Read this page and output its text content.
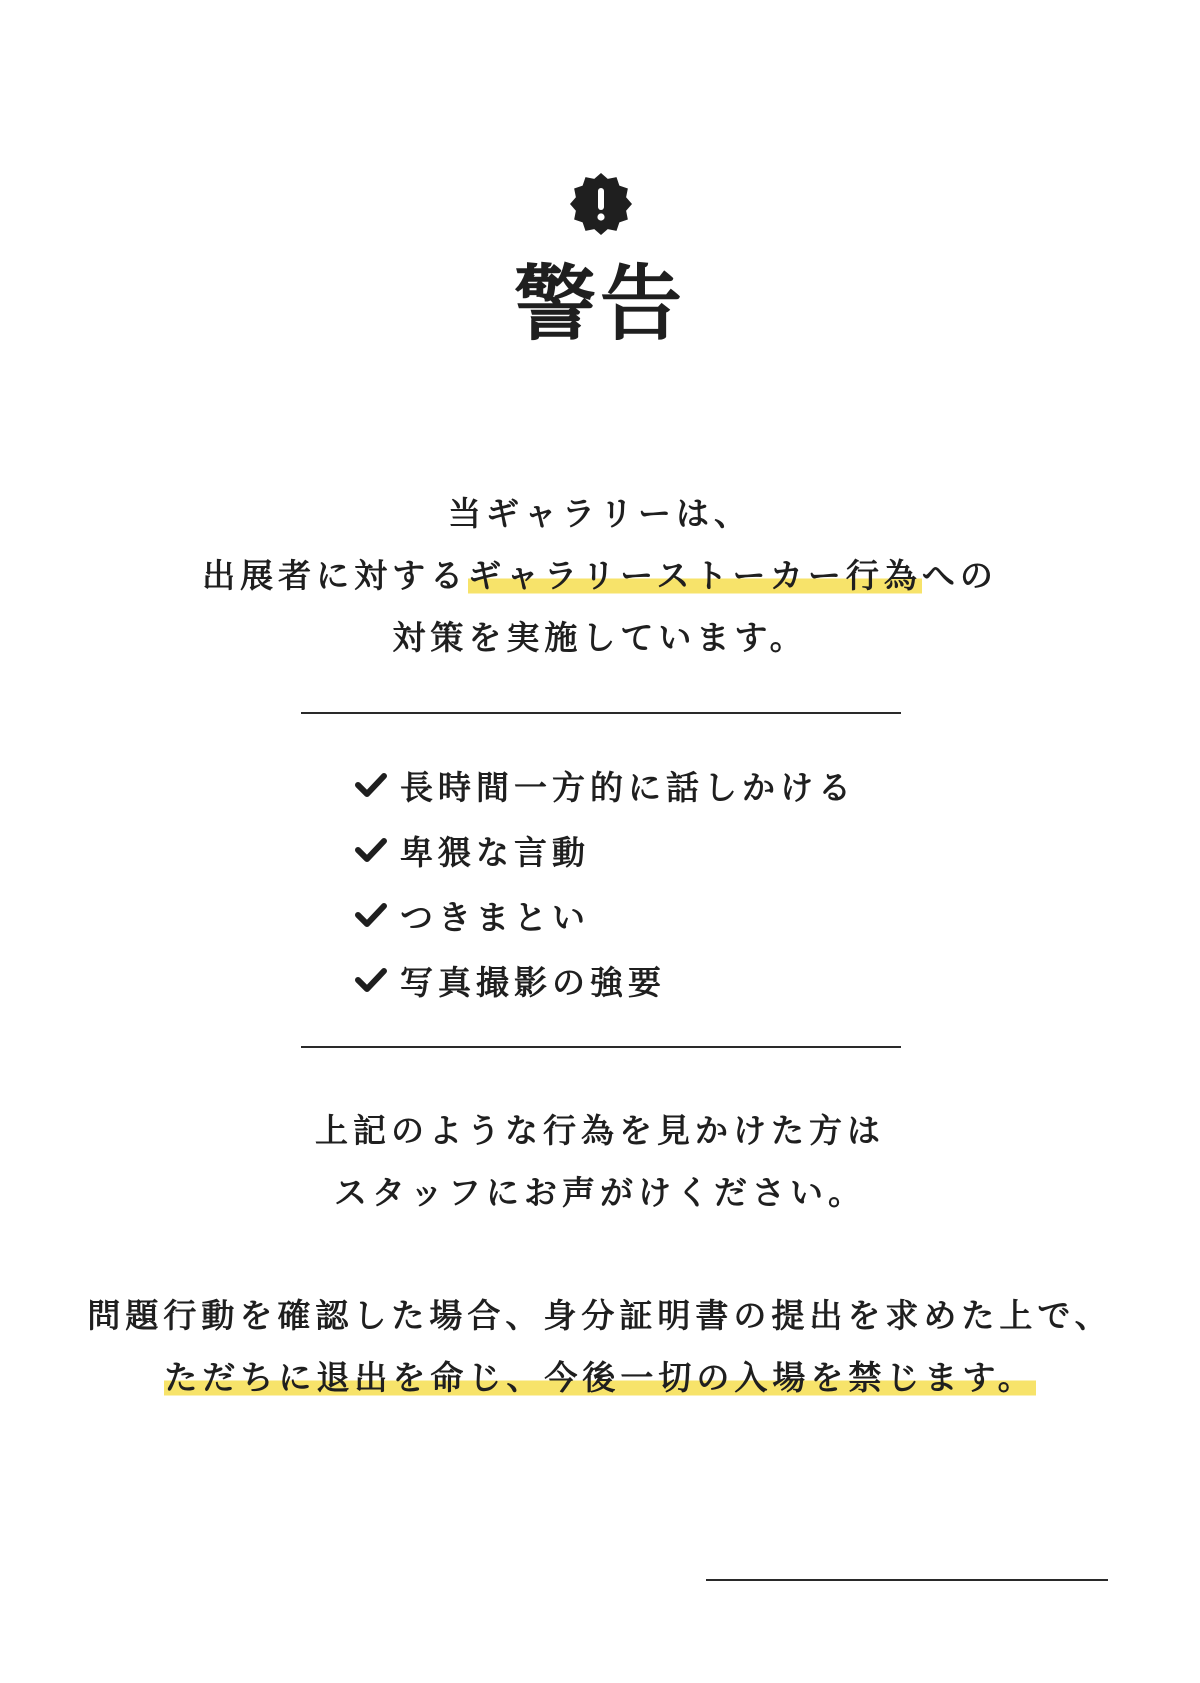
警告
当ギャラリーは、
出展者に対するギャラリーストーカー行為への
対策を実施しています。
長時間一方的に話しかける
卑猥な言動
つきまとい
写真撮影の強要
上記のような行為を見かけた方は
スタッフにお声がけください。
問題行動を確認した場合、身分証明書の提出を求めた上で、
ただちに退出を命じ、今後一切の入場を禁じます。
